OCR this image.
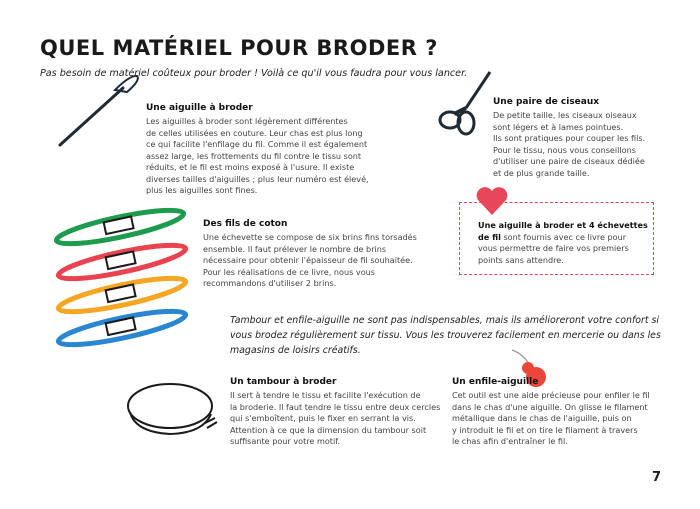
QUEL MATÉRIEL POUR BRODER ?
Pas besoin de matériel coûteux pour broder ! Voilà ce qu'il vous faudra pour vous lancer.
Une aiguille à broder
Les aiguilles à broder sont légèrement différentes
de celles utilisées en couture. Leur chas est plus long
ce qui facilite l'enfilage du fil. Comme il est également
assez large, les frottements du fil contre le tissu sont
réduits, et le fil est moins exposé à l'usure. Il existe
diverses tailles d'aiguilles ; plus leur numéro est élevé,
plus les aiguilles sont fines.
Une paire de ciseaux
De petite taille, les ciseaux oiseaux
sont légers et à lames pointues.
Ils sont pratiques pour couper les fils.
Pour le tissu, nous vous conseillons
d'utiliser une paire de ciseaux dédiée
et de plus grande taille.
Une aiguille à broder et 4 échevettes
de fil sont fournis avec ce livre pour
vous permettre de faire vos premiers
points sans attendre.
Des fils de coton
Une échevette se compose de six brins fins torsadés
ensemble. Il faut prélever le nombre de brins
nécessaire pour obtenir l'épaisseur de fil souhaitée.
Pour les réalisations de ce livre, nous vous
recommandons d'utiliser 2 brins.
Tambour et enfile-aiguille ne sont pas indispensables, mais ils amélioreront votre confort si
vous brodez régulièrement sur tissu. Vous les trouverez facilement en mercerie ou dans les
magasins de loisirs créatifs.
Un tambour à broder
Il sert à tendre le tissu et facilite l'exécution de
la broderie. Il faut tendre le tissu entre deux cercles
qui s'emboîtent, puis le fixer en serrant la vis.
Attention à ce que la dimension du tambour soit
suffisante pour votre motif.
Un enfile-aiguille
Cet outil est une aide précieuse pour enfiler le fil
dans le chas d'une aiguille. On glisse le filament
métallique dans le chas de l'aiguille, puis on
y introduit le fil et on tire le filament à travers
le chas afin d'entraîner le fil.
7
